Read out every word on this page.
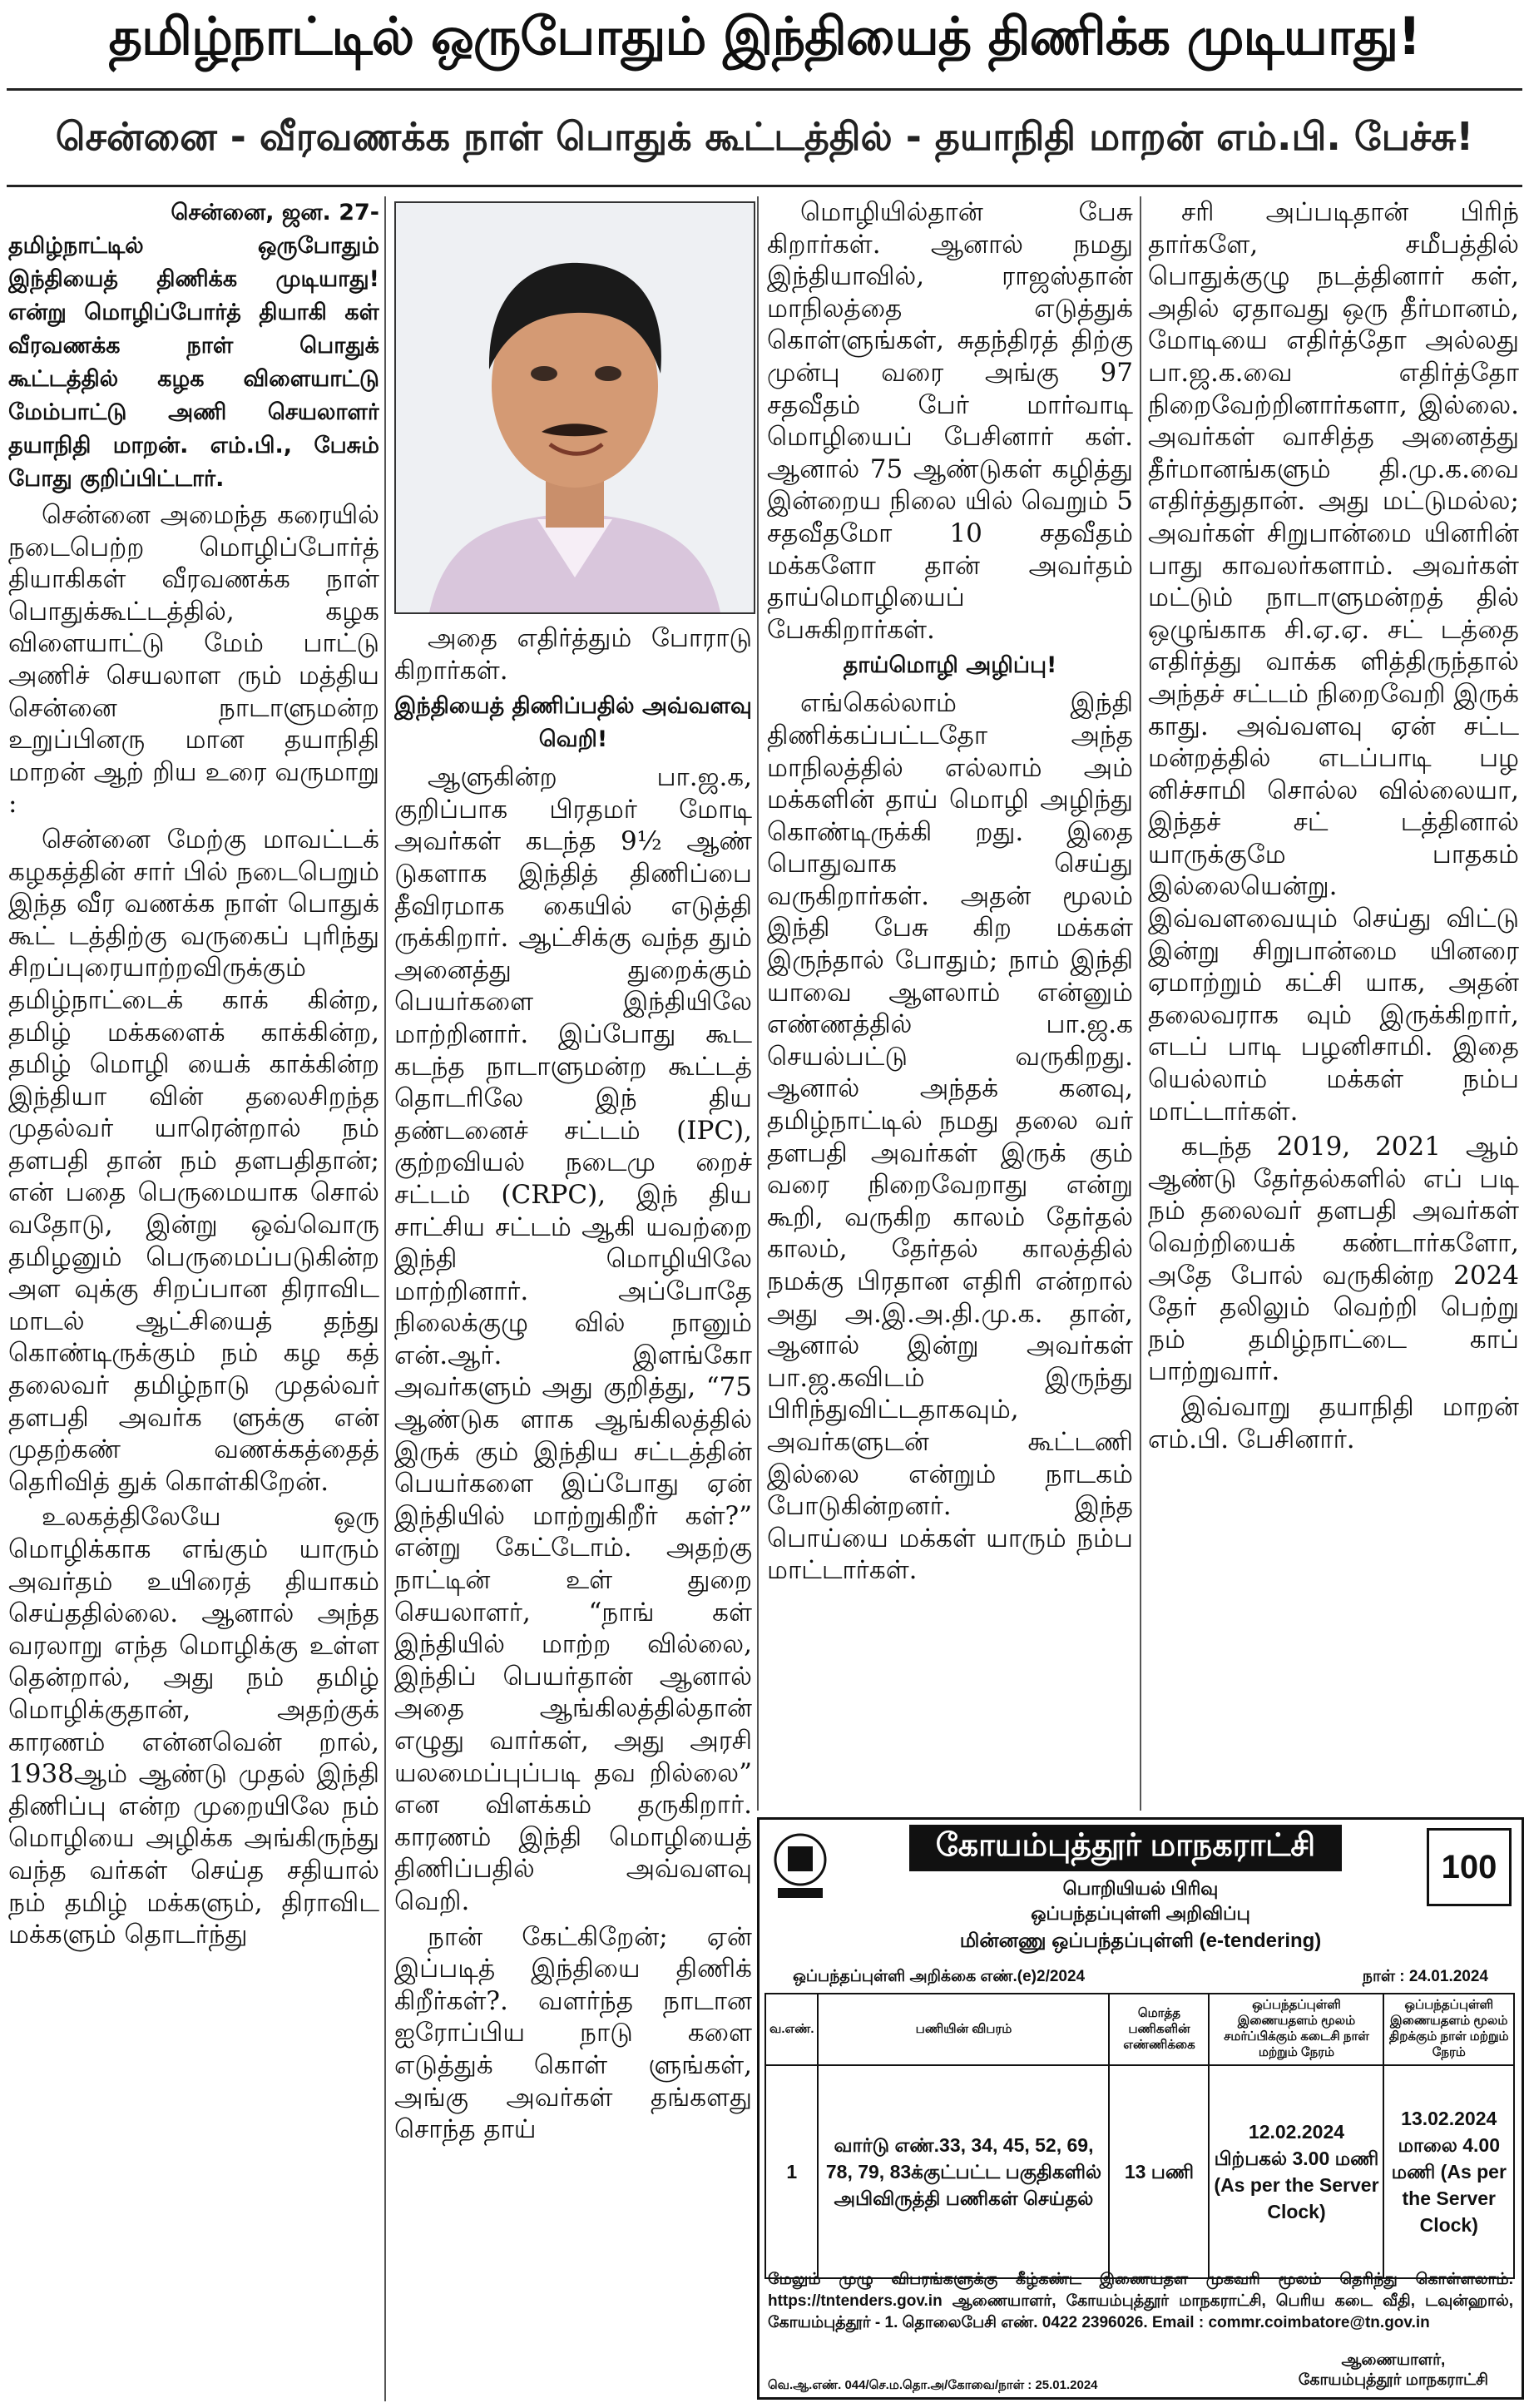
தமிழ்நாட்டில் ஒருபோதும் இந்தியைத் திணிக்க முடியாது!
சென்னை - வீரவணக்க நாள் பொதுக் கூட்டத்தில் - தயாநிதி மாறன் எம்.பி. பேச்சு!

சென்னை, ஜன. 27-
தமிழ்நாட்டில் ஒருபோதும் இந்தியைத் திணிக்க முடியாது! என்று மொழிப்போர்த் தியாகி கள் வீரவணக்க நாள் பொதுக் கூட்டத்தில் கழக விளையாட்டு மேம்பாட்டு அணி செயலாளர் தயாநிதி மாறன். எம்.பி., பேசும் போது குறிப்பிட்டார்.

சென்னை அமைந்த கரையில் நடைபெற்ற மொழிப்போர்த் தியாகிகள் வீரவணக்க நாள் பொதுக்கூட்டத்தில், கழக விளையாட்டு மேம் பாட்டு அணிச் செயலாள ரும் மத்திய சென்னை நாடாளுமன்ற உறுப்பினரு மான தயாநிதி மாறன் ஆற் றிய உரை வருமாறு :

சென்னை மேற்கு மாவட்டக் கழகத்தின் சார் பில் நடைபெறும் இந்த வீர வணக்க நாள் பொதுக் கூட் டத்திற்கு வருகைப் புரிந்து சிறப்புரையாற்றவிருக்கும் தமிழ்நாட்டைக் காக் கின்ற, தமிழ் மக்களைக் காக்கின்ற, தமிழ் மொழி யைக் காக்கின்ற இந்தியா வின் தலைசிறந்த முதல்வர் யாரென்றால் நம் தளபதி தான் நம் தளபதிதான்; என் பதை பெருமையாக சொல் வதோடு, இன்று ஒவ்வொரு தமிழனும் பெருமைப்படுகின்ற அள வுக்கு சிறப்பான திராவிட மாடல் ஆட்சியைத் தந்து கொண்டிருக்கும் நம் கழ கத் தலைவர் தமிழ்நாடு முதல்வர் தளபதி அவர்க ளுக்கு என் முதற்கண் வணக்கத்தைத் தெரிவித் துக் கொள்கிறேன்.

உலகத்திலேயே ஒரு மொழிக்காக எங்கும் யாரும் அவர்தம் உயிரைத் தியாகம் செய்ததில்லை. ஆனால் அந்த வரலாறு எந்த மொழிக்கு உள்ள தென்றால், அது நம் தமிழ் மொழிக்குதான், அதற்குக் காரணம் என்னவென் றால், 1938ஆம் ஆண்டு முதல் இந்தி திணிப்பு என்ற முறையிலே நம் மொழியை அழிக்க அங்கிருந்து வந்த வர்கள் செய்த சதியால் நம் தமிழ் மக்களும், திராவிட மக்களும் தொடர்ந்து

அதை எதிர்த்தும் போராடு கிறார்கள்.

இந்தியைத் திணிப்பதில் அவ்வளவு வெறி!

ஆளுகின்ற பா.ஜ.க, குறிப்பாக பிரதமர் மோடி அவர்கள் கடந்த 9½ ஆண் டுகளாக இந்தித் திணிப்பை தீவிரமாக கையில் எடுத்தி ருக்கிறார். ஆட்சிக்கு வந்த தும் அனைத்து துறைக்கும் பெயர்களை இந்தியிலே மாற்றினார். இப்போது கூட கடந்த நாடாளுமன்ற கூட்டத் தொடரிலே இந் திய தண்டனைச் சட்டம் (IPC), குற்றவியல் நடைமு றைச் சட்டம் (CRPC), இந் திய சாட்சிய சட்டம் ஆகி யவற்றை இந்தி மொழியிலே மாற்றினார். அப்போதே நிலைக்குழு வில் நானும் என்.ஆர். இளங்கோ அவர்களும் அது குறித்து, “75 ஆண்டுக ளாக ஆங்கிலத்தில் இருக் கும் இந்திய சட்டத்தின் பெயர்களை இப்போது ஏன் இந்தியில் மாற்றுகிறீர் கள்?” என்று கேட்டோம். அதற்கு நாட்டின் உள் துறை செயலாளர், “நாங் கள் இந்தியில் மாற்ற வில்லை, இந்திப் பெயர்தான் ஆனால் அதை ஆங்கிலத்தில்தான் எழுது வார்கள், அது அரசி யலமைப்புப்படி தவ றில்லை” என விளக்கம் தருகிறார். காரணம் இந்தி மொழியைத் திணிப்பதில் அவ்வளவு வெறி.

நான் கேட்கிறேன்; ஏன் இப்படித் இந்தியை திணிக் கிறீர்கள்?. வளர்ந்த நாடான ஐரோப்பிய நாடு களை எடுத்துக் கொள் ளுங்கள், அங்கு அவர்கள் தங்களது சொந்த தாய்

மொழியில்தான் பேசு கிறார்கள். ஆனால் நமது இந்தியாவில், ராஜஸ்தான் மாநிலத்தை எடுத்துக் கொள்ளுங்கள், சுதந்திரத் திற்கு முன்பு வரை அங்கு 97 சதவீதம் பேர் மார்வாடி மொழியைப் பேசினார் கள். ஆனால் 75 ஆண்டுகள் கழித்து இன்றைய நிலை யில் வெறும் 5 சதவீதமோ 10 சதவீதம் மக்களோ தான் அவர்தம் தாய்மொழியைப் பேசுகிறார்கள்.

தாய்மொழி அழிப்பு!

எங்கெல்லாம் இந்தி திணிக்கப்பட்டதோ அந்த மாநிலத்தில் எல்லாம் அம் மக்களின் தாய் மொழி அழிந்து கொண்டிருக்கி றது. இதை பொதுவாக செய்து வருகிறார்கள். அதன் மூலம் இந்தி பேசு கிற மக்கள் இருந்தால் போதும்; நாம் இந்தி யாவை ஆளலாம் என்னும் எண்ணத்தில் பா.ஜ.க செயல்பட்டு வருகிறது. ஆனால் அந்தக் கனவு, தமிழ்நாட்டில் நமது தலை வர் தளபதி அவர்கள் இருக் கும் வரை நிறைவேறாது என்று கூறி, வருகிற காலம் தேர்தல் காலம், தேர்தல் காலத்தில் நமக்கு பிரதான எதிரி என்றால் அது அ.இ.அ.தி.மு.க. தான், ஆனால் இன்று அவர்கள் பா.ஜ.கவிடம் இருந்து பிரிந்துவிட்டதாகவும், அவர்களுடன் கூட்டணி இல்லை என்றும் நாடகம் போடுகின்றனர். இந்த பொய்யை மக்கள் யாரும் நம்ப மாட்டார்கள்.

சரி அப்படிதான் பிரிந் தார்களே, சமீபத்தில் பொதுக்குழு நடத்தினார் கள், அதில் ஏதாவது ஒரு தீர்மானம், மோடியை எதிர்த்தோ அல்லது பா.ஜ.க.வை எதிர்த்தோ நிறைவேற்றினார்களா, இல்லை. அவர்கள் வாசித்த அனைத்து தீர்மானங்களும் தி.மு.க.வை எதிர்த்துதான். அது மட்டுமல்ல; அவர்கள் சிறுபான்மை யினரின் பாது காவலர்களாம். அவர்கள் மட்டும் நாடாளுமன்றத் தில் ஒழுங்காக சி.ஏ.ஏ. சட் டத்தை எதிர்த்து வாக்க ளித்திருந்தால் அந்தச் சட்டம் நிறைவேறி இருக் காது. அவ்வளவு ஏன் சட்ட மன்றத்தில் எடப்பாடி பழ னிச்சாமி சொல்ல வில்லையா, இந்தச் சட் டத்தினால் யாருக்குமே பாதகம் இல்லையென்று. இவ்வளவையும் செய்து விட்டு இன்று சிறுபான்மை யினரை ஏமாற்றும் கட்சி யாக, அதன் தலைவராக வும் இருக்கிறார், எடப் பாடி பழனிசாமி. இதை யெல்லாம் மக்கள் நம்ப மாட்டார்கள்.

கடந்த 2019, 2021 ஆம் ஆண்டு தேர்தல்களில் எப் படி நம் தலைவர் தளபதி அவர்கள் வெற்றியைக் கண்டார்களோ, அதே போல் வருகின்ற 2024 தேர் தலிலும் வெற்றி பெற்று நம் தமிழ்நாட்டை காப் பாற்றுவார்.

இவ்வாறு தயாநிதி மாறன் எம்.பி. பேசினார்.

கோயம்புத்தூர் மாநகராட்சி
100
பொறியியல் பிரிவு
ஒப்பந்தப்புள்ளி அறிவிப்பு
மின்னணு ஒப்பந்தப்புள்ளி (e-tendering)
ஒப்பந்தப்புள்ளி அறிக்கை எண்.(e)2/2024	நாள் : 24.01.2024
வ.எண்.	பணியின் விபரம்	மொத்த பணிகளின் எண்ணிக்கை	ஒப்பந்தப்புள்ளி இணையதளம் மூலம் சமர்ப்பிக்கும் கடைசி நாள் மற்றும் நேரம்	ஒப்பந்தப்புள்ளி இணையதளம் மூலம் திறக்கும் நாள் மற்றும் நேரம்
1	வார்டு எண்.33, 34, 45, 52, 69, 78, 79, 83க்குட்பட்ட பகுதிகளில் அபிவிருத்தி பணிகள் செய்தல்	13 பணி	12.02.2024 பிற்பகல் 3.00 மணி (As per the Server Clock)	13.02.2024 மாலை 4.00 மணி (As per the Server Clock)
மேலும் முழு விபரங்களுக்கு கீழ்கண்ட இணையதள முகவரி மூலம் தெரிந்து கொள்ளலாம். https://tntenders.gov.in ஆணையாளர், கோயம்புத்தூர் மாநகராட்சி, பெரிய கடை வீதி, டவுன்ஹால், கோயம்புத்தூர் - 1. தொலைபேசி எண். 0422 2396026. Email : commr.coimbatore@tn.gov.in
ஆணையாளர்,
கோயம்புத்தூர் மாநகராட்சி
வெ.ஆ.எண். 044/செ.ம.தொ.அ/கோவை/நாள் : 25.01.2024
